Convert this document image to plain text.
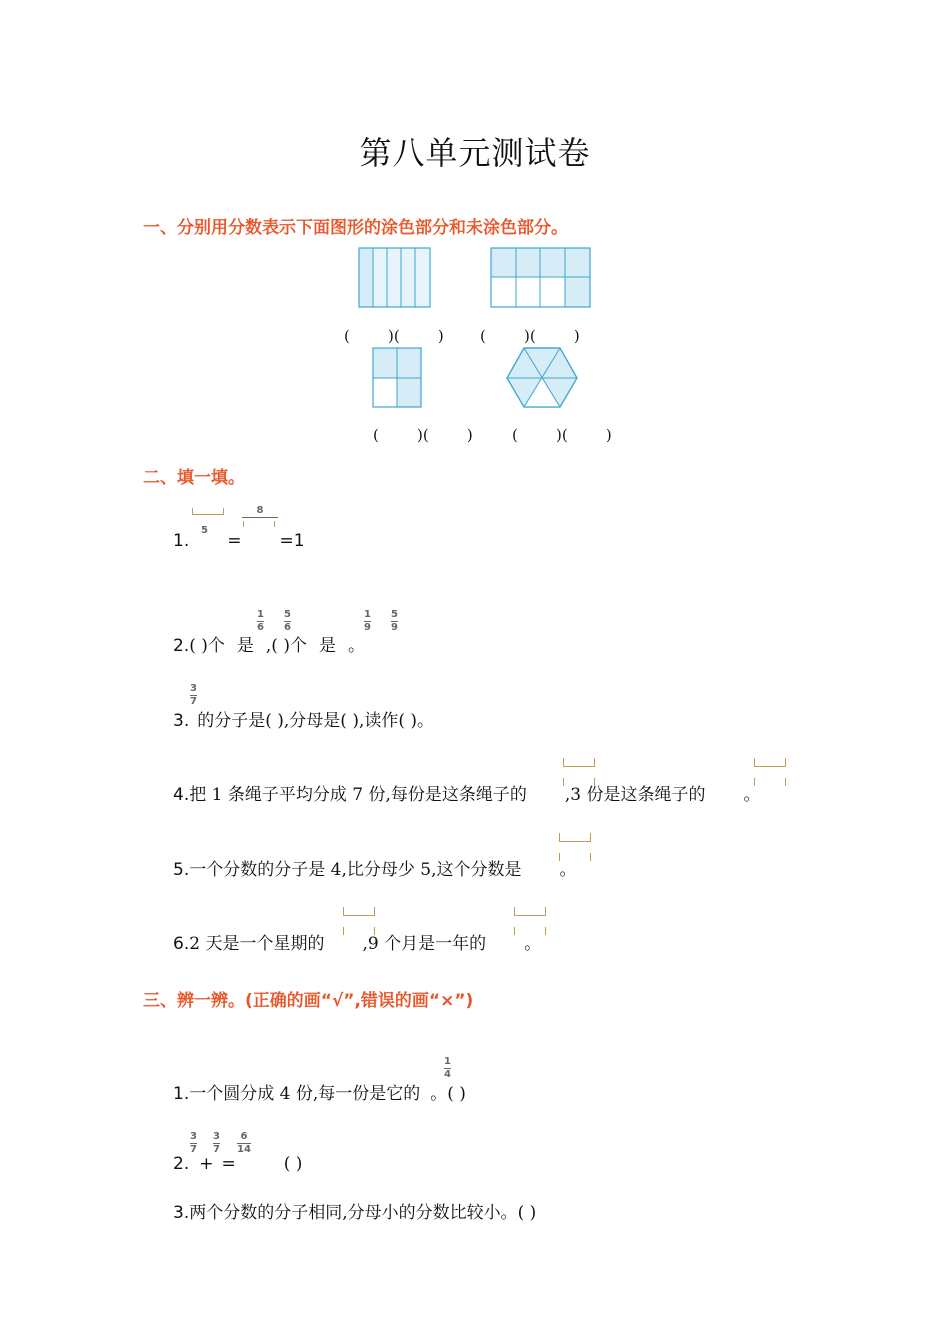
第八单元测试卷
一、分别用分数表示下面图形的涂色部分和未涂色部分。
(        )(        ) (        )(        )
(        )(        )	(        )(        )
二、填一填。
1. = =1
5
8
2.( )个 是 ,( )个 是 。
1
6
5
6
1
9
5
9
3. 的分子是( ),分母是( ),读作( )。
3
7
4.把 1 条绳子平均分成 7 份,每份是这条绳子的 ,3 份是这条绳子的 。
5.一个分数的分子是 4,比分母少 5,这个分数是 。
6.2 天是一个星期的 ,9 个月是一年的 。
三、辨一辨。(正确的画“√”,错误的画“×”)
1.一个圆分成 4 份,每一份是它的 。( )
1
4
2. + =	( )
3
7
3
7
6
14
3.两个分数的分子相同,分母小的分数比较小。( )
